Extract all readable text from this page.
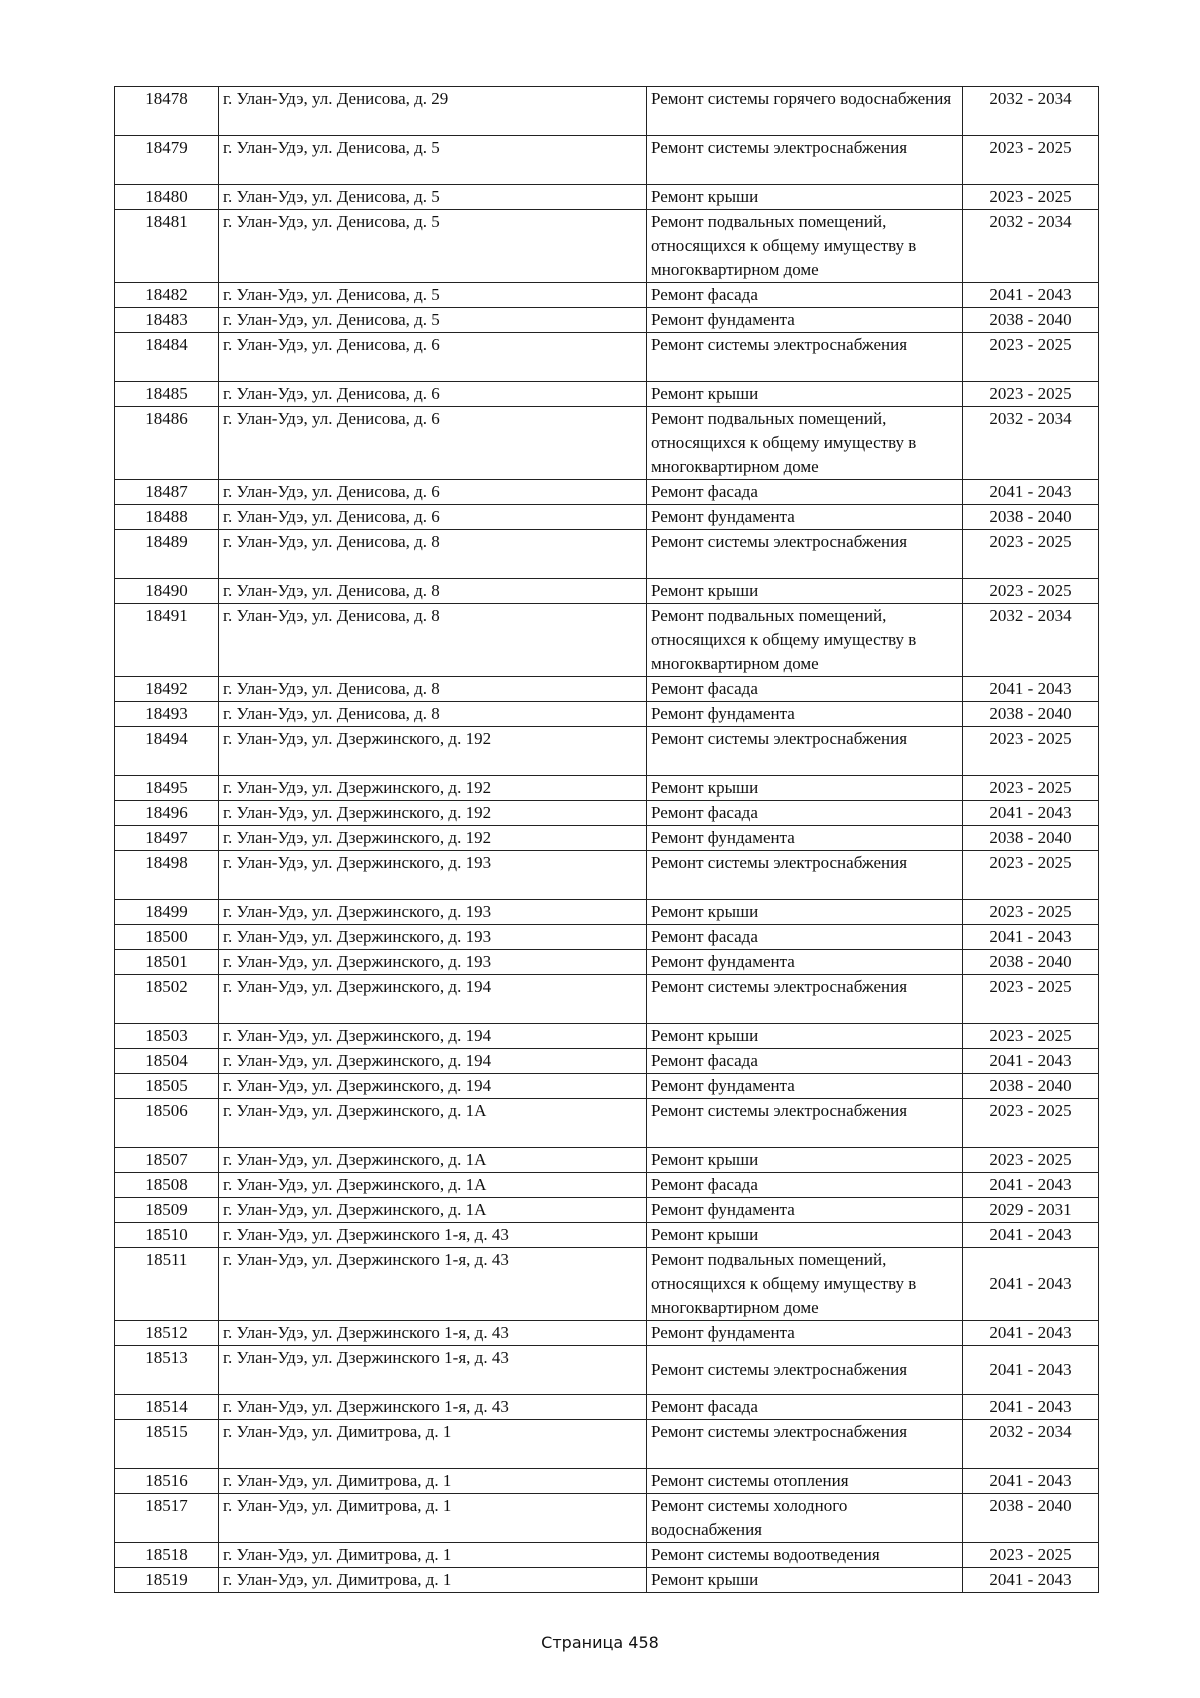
18478	г. Улан-Удэ, ул. Денисова, д. 29	Ремонт системы горячего водоснабжения	2032 - 2034
18479	г. Улан-Удэ, ул. Денисова, д. 5	Ремонт системы электроснабжения	2023 - 2025
18480	г. Улан-Удэ, ул. Денисова, д. 5	Ремонт крыши	2023 - 2025
18481	г. Улан-Удэ, ул. Денисова, д. 5	Ремонт подвальных помещений, относящихся к общему имуществу в многоквартирном доме	2032 - 2034
18482	г. Улан-Удэ, ул. Денисова, д. 5	Ремонт фасада	2041 - 2043
18483	г. Улан-Удэ, ул. Денисова, д. 5	Ремонт фундамента	2038 - 2040
18484	г. Улан-Удэ, ул. Денисова, д. 6	Ремонт системы электроснабжения	2023 - 2025
18485	г. Улан-Удэ, ул. Денисова, д. 6	Ремонт крыши	2023 - 2025
18486	г. Улан-Удэ, ул. Денисова, д. 6	Ремонт подвальных помещений, относящихся к общему имуществу в многоквартирном доме	2032 - 2034
18487	г. Улан-Удэ, ул. Денисова, д. 6	Ремонт фасада	2041 - 2043
18488	г. Улан-Удэ, ул. Денисова, д. 6	Ремонт фундамента	2038 - 2040
18489	г. Улан-Удэ, ул. Денисова, д. 8	Ремонт системы электроснабжения	2023 - 2025
18490	г. Улан-Удэ, ул. Денисова, д. 8	Ремонт крыши	2023 - 2025
18491	г. Улан-Удэ, ул. Денисова, д. 8	Ремонт подвальных помещений, относящихся к общему имуществу в многоквартирном доме	2032 - 2034
18492	г. Улан-Удэ, ул. Денисова, д. 8	Ремонт фасада	2041 - 2043
18493	г. Улан-Удэ, ул. Денисова, д. 8	Ремонт фундамента	2038 - 2040
18494	г. Улан-Удэ, ул. Дзержинского, д. 192	Ремонт системы электроснабжения	2023 - 2025
18495	г. Улан-Удэ, ул. Дзержинского, д. 192	Ремонт крыши	2023 - 2025
18496	г. Улан-Удэ, ул. Дзержинского, д. 192	Ремонт фасада	2041 - 2043
18497	г. Улан-Удэ, ул. Дзержинского, д. 192	Ремонт фундамента	2038 - 2040
18498	г. Улан-Удэ, ул. Дзержинского, д. 193	Ремонт системы электроснабжения	2023 - 2025
18499	г. Улан-Удэ, ул. Дзержинского, д. 193	Ремонт крыши	2023 - 2025
18500	г. Улан-Удэ, ул. Дзержинского, д. 193	Ремонт фасада	2041 - 2043
18501	г. Улан-Удэ, ул. Дзержинского, д. 193	Ремонт фундамента	2038 - 2040
18502	г. Улан-Удэ, ул. Дзержинского, д. 194	Ремонт системы электроснабжения	2023 - 2025
18503	г. Улан-Удэ, ул. Дзержинского, д. 194	Ремонт крыши	2023 - 2025
18504	г. Улан-Удэ, ул. Дзержинского, д. 194	Ремонт фасада	2041 - 2043
18505	г. Улан-Удэ, ул. Дзержинского, д. 194	Ремонт фундамента	2038 - 2040
18506	г. Улан-Удэ, ул. Дзержинского, д. 1А	Ремонт системы электроснабжения	2023 - 2025
18507	г. Улан-Удэ, ул. Дзержинского, д. 1А	Ремонт крыши	2023 - 2025
18508	г. Улан-Удэ, ул. Дзержинского, д. 1А	Ремонт фасада	2041 - 2043
18509	г. Улан-Удэ, ул. Дзержинского, д. 1А	Ремонт фундамента	2029 - 2031
18510	г. Улан-Удэ, ул. Дзержинского 1-я, д. 43	Ремонт крыши	2041 - 2043
18511	г. Улан-Удэ, ул. Дзержинского 1-я, д. 43	Ремонт подвальных помещений, относящихся к общему имуществу в многоквартирном доме	2041 - 2043
18512	г. Улан-Удэ, ул. Дзержинского 1-я, д. 43	Ремонт фундамента	2041 - 2043
18513	г. Улан-Удэ, ул. Дзержинского 1-я, д. 43	Ремонт системы электроснабжения	2041 - 2043
18514	г. Улан-Удэ, ул. Дзержинского 1-я, д. 43	Ремонт фасада	2041 - 2043
18515	г. Улан-Удэ, ул. Димитрова, д. 1	Ремонт системы электроснабжения	2032 - 2034
18516	г. Улан-Удэ, ул. Димитрова, д. 1	Ремонт системы отопления	2041 - 2043
18517	г. Улан-Удэ, ул. Димитрова, д. 1	Ремонт системы холодного водоснабжения	2038 - 2040
18518	г. Улан-Удэ, ул. Димитрова, д. 1	Ремонт системы водоотведения	2023 - 2025
18519	г. Улан-Удэ, ул. Димитрова, д. 1	Ремонт крыши	2041 - 2043
Страница 458
